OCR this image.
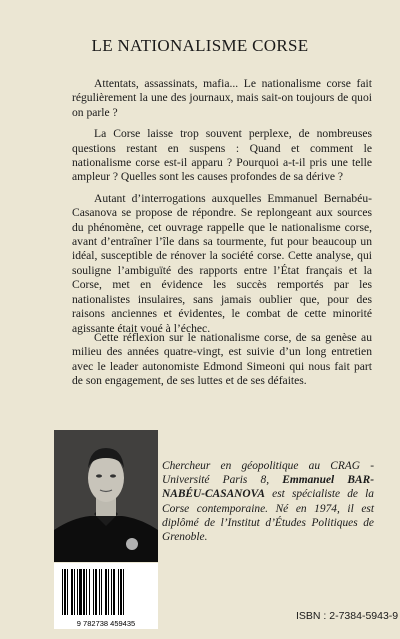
LE NATIONALISME CORSE

Attentats, assassinats, mafia... Le nationalisme corse fait régulièrement la une des journaux, mais sait-on toujours de quoi on parle ?

La Corse laisse trop souvent perplexe, de nombreuses questions restant en suspens : Quand et comment le nationalisme corse est-il apparu ? Pourquoi a-t-il pris une telle ampleur ? Quelles sont les causes profondes de sa dérive ?

Autant d’interrogations auxquelles Emmanuel Bernabéu-Casanova se propose de répondre. Se replongeant aux sources du phénomène, cet ouvrage rappelle que le nationalisme corse, avant d’entraîner l’île dans sa tourmente, fut pour beaucoup un idéal, susceptible de rénover la société corse. Cette analyse, qui souligne l’ambiguïté des rapports entre l’État français et la Corse, met en évidence les succès remportés par les nationalistes insulaires, sans jamais oublier que, pour des raisons anciennes et évidentes, le combat de cette minorité agissante était voué à l’échec.

Cette réflexion sur le nationalisme corse, de sa genèse au milieu des années quatre-vingt, est suivie d’un long entretien avec le leader autonomiste Edmond Simeoni qui nous fait part de son engagement, de ses luttes et de ses défaites.

Chercheur en géopolitique au CRAG - Université Paris 8, Emmanuel BAR-NABÉU-CASANOVA est spécialiste de la Corse contemporaine. Né en 1974, il est diplômé de l’Institut d’Études Politiques de Grenoble.
9 782738 459435
ISBN : 2-7384-5943-9
